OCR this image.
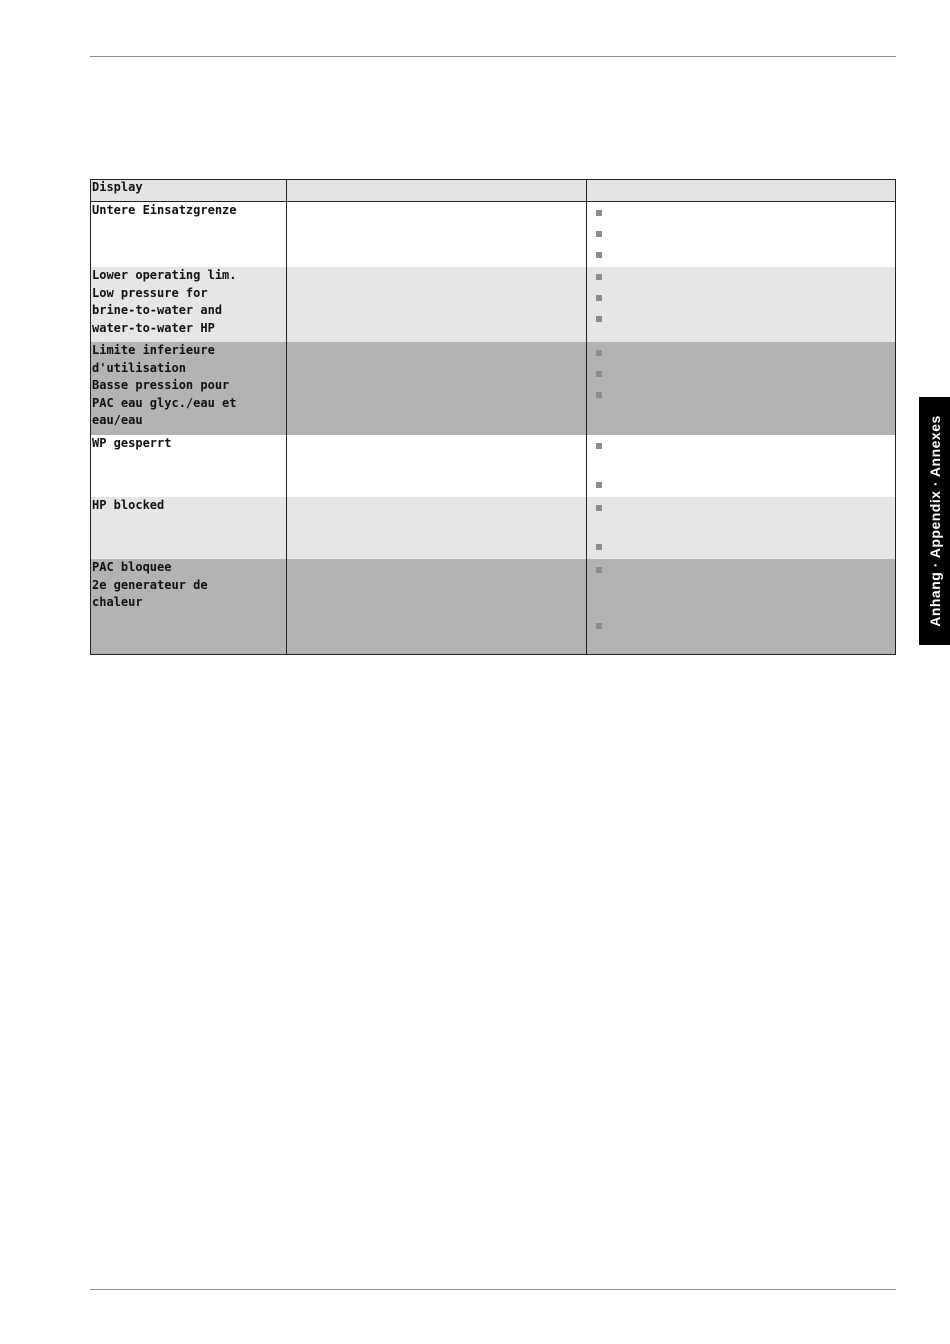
Display		

Untere Einsatzgrenze		

Lower operating lim.
Low pressure for
brine-to-water and
water-to-water HP		

Limite inferieure
d'utilisation
Basse pression pour
PAC eau glyc./eau et
eau/eau		

WP gesperrt		

HP blocked		

PAC bloquee
2e generateur de
chaleur		
			Anhang · Appendix · Annexes
